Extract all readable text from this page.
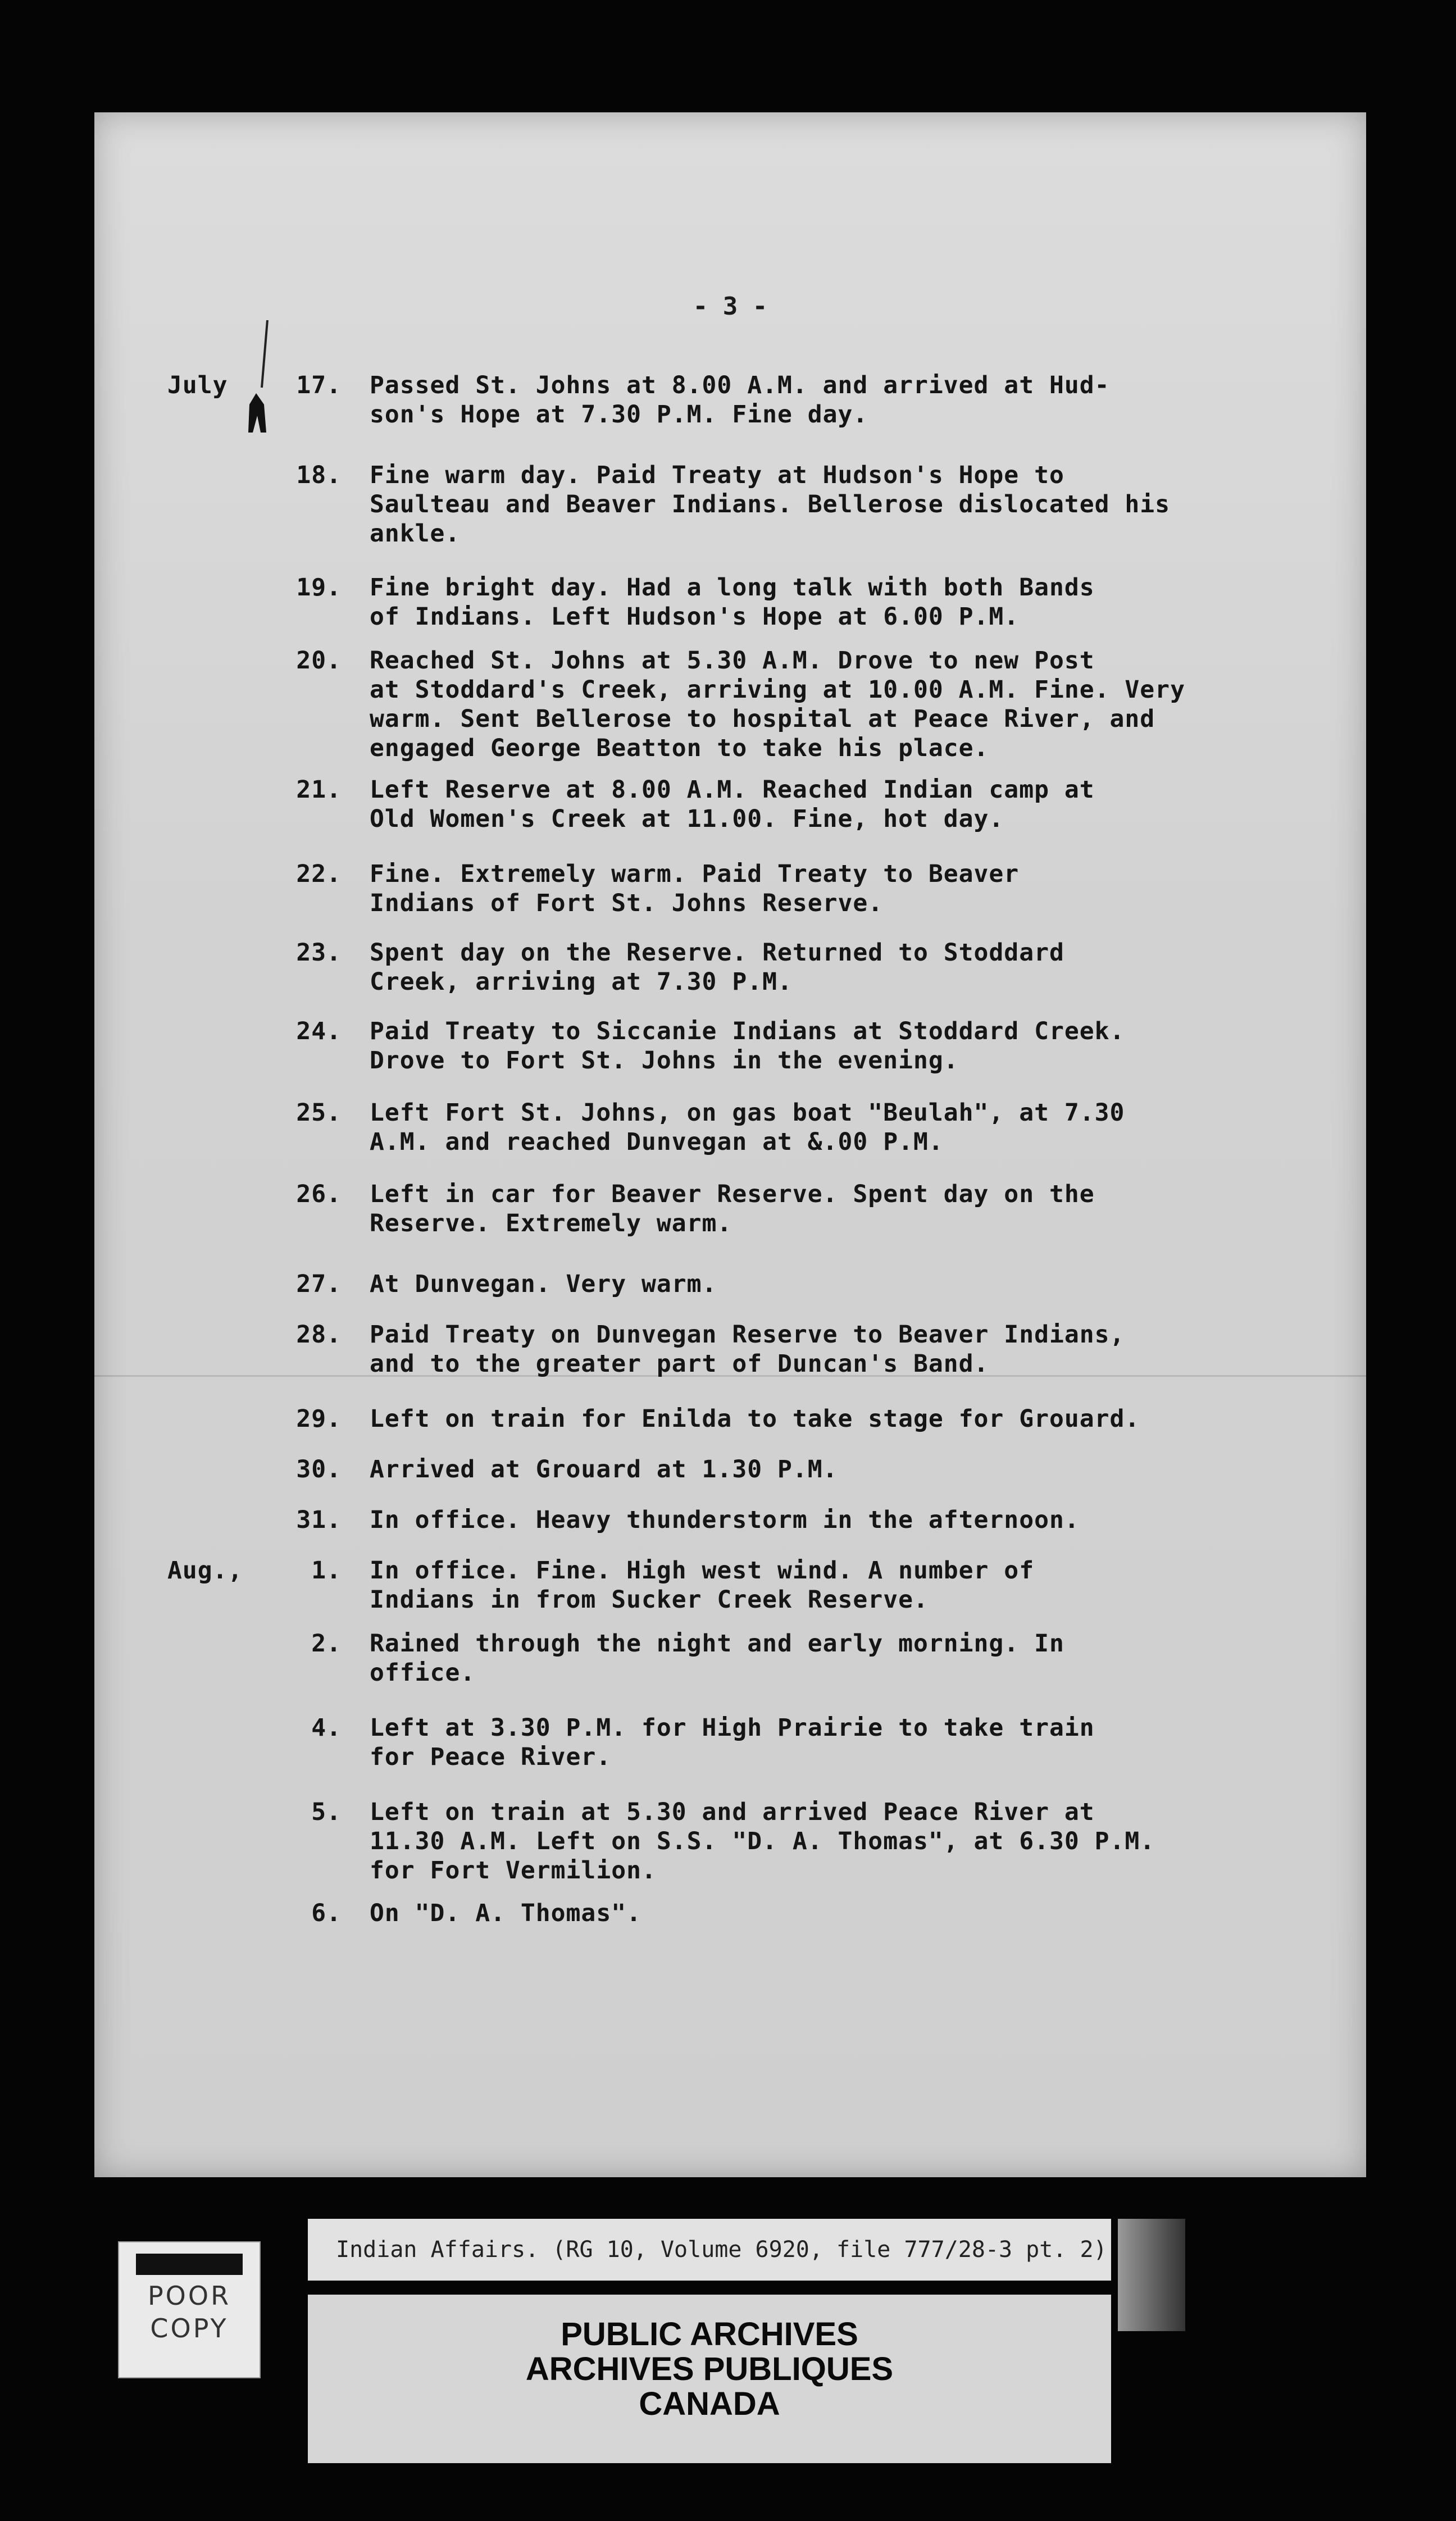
- 3 -
July	17. Passed St. Johns at 8.00 A.M. and arrived at Hud-
son's Hope at 7.30 P.M. Fine day.
18. Fine warm day. Paid Treaty at Hudson's Hope to
Saulteau and Beaver Indians. Bellerose dislocated his
ankle.
19. Fine bright day. Had a long talk with both Bands
of Indians. Left Hudson's Hope at 6.00 P.M.
20. Reached St. Johns at 5.30 A.M. Drove to new Post
at Stoddard's Creek, arriving at 10.00 A.M. Fine. Very
warm. Sent Bellerose to hospital at Peace River, and
engaged George Beatton to take his place.
21. Left Reserve at 8.00 A.M. Reached Indian camp at
Old Women's Creek at 11.00. Fine, hot day.
22. Fine. Extremely warm. Paid Treaty to Beaver
Indians of Fort St. Johns Reserve.
23. Spent day on the Reserve. Returned to Stoddard
Creek, arriving at 7.30 P.M.
24. Paid Treaty to Siccanie Indians at Stoddard Creek.
Drove to Fort St. Johns in the evening.
25. Left Fort St. Johns, on gas boat "Beulah", at 7.30
A.M. and reached Dunvegan at &.00 P.M.
26. Left in car for Beaver Reserve. Spent day on the
Reserve. Extremely warm.
27. At Dunvegan. Very warm.
28. Paid Treaty on Dunvegan Reserve to Beaver Indians,
and to the greater part of Duncan's Band.
29. Left on train for Enilda to take stage for Grouard.
30. Arrived at Grouard at 1.30 P.M.
31. In office. Heavy thunderstorm in the afternoon.
Aug.,	1. In office. Fine. High west wind. A number of
Indians in from Sucker Creek Reserve.
2. Rained through the night and early morning. In
office.
4. Left at 3.30 P.M. for High Prairie to take train
for Peace River.
5. Left on train at 5.30 and arrived Peace River at
11.30 A.M. Left on S.S. "D. A. Thomas", at 6.30 P.M.
for Fort Vermilion.
6. On "D. A. Thomas".
POOR
COPY
Indian Affairs. (RG 10, Volume 6920, file 777/28-3 pt. 2)
PUBLIC ARCHIVES
ARCHIVES PUBLIQUES
CANADA
